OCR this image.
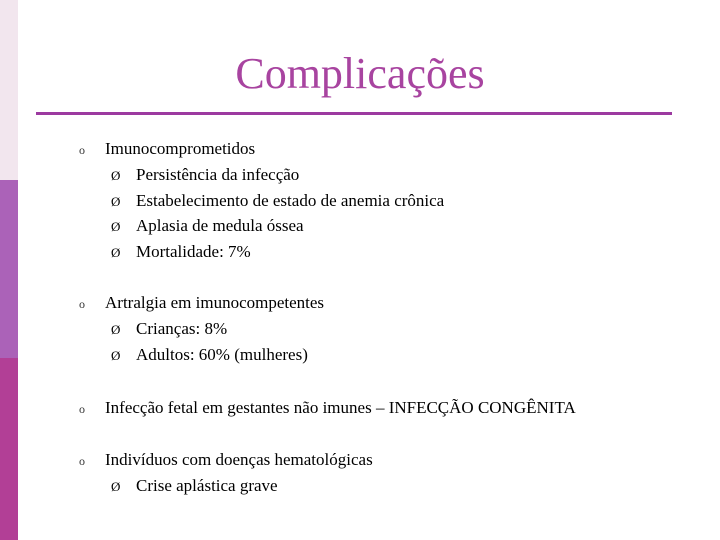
Complicações
o Imunocomprometidos
Ø Persistência da infecção
Ø Estabelecimento de estado de anemia crônica
Ø Aplasia de medula óssea
Ø Mortalidade: 7%
o Artralgia em imunocompetentes
Ø Crianças: 8%
Ø Adultos: 60% (mulheres)
o Infecção fetal em gestantes não imunes – INFECÇÃO CONGÊNITA
o Indivíduos com doenças hematológicas
Ø Crise aplástica grave
